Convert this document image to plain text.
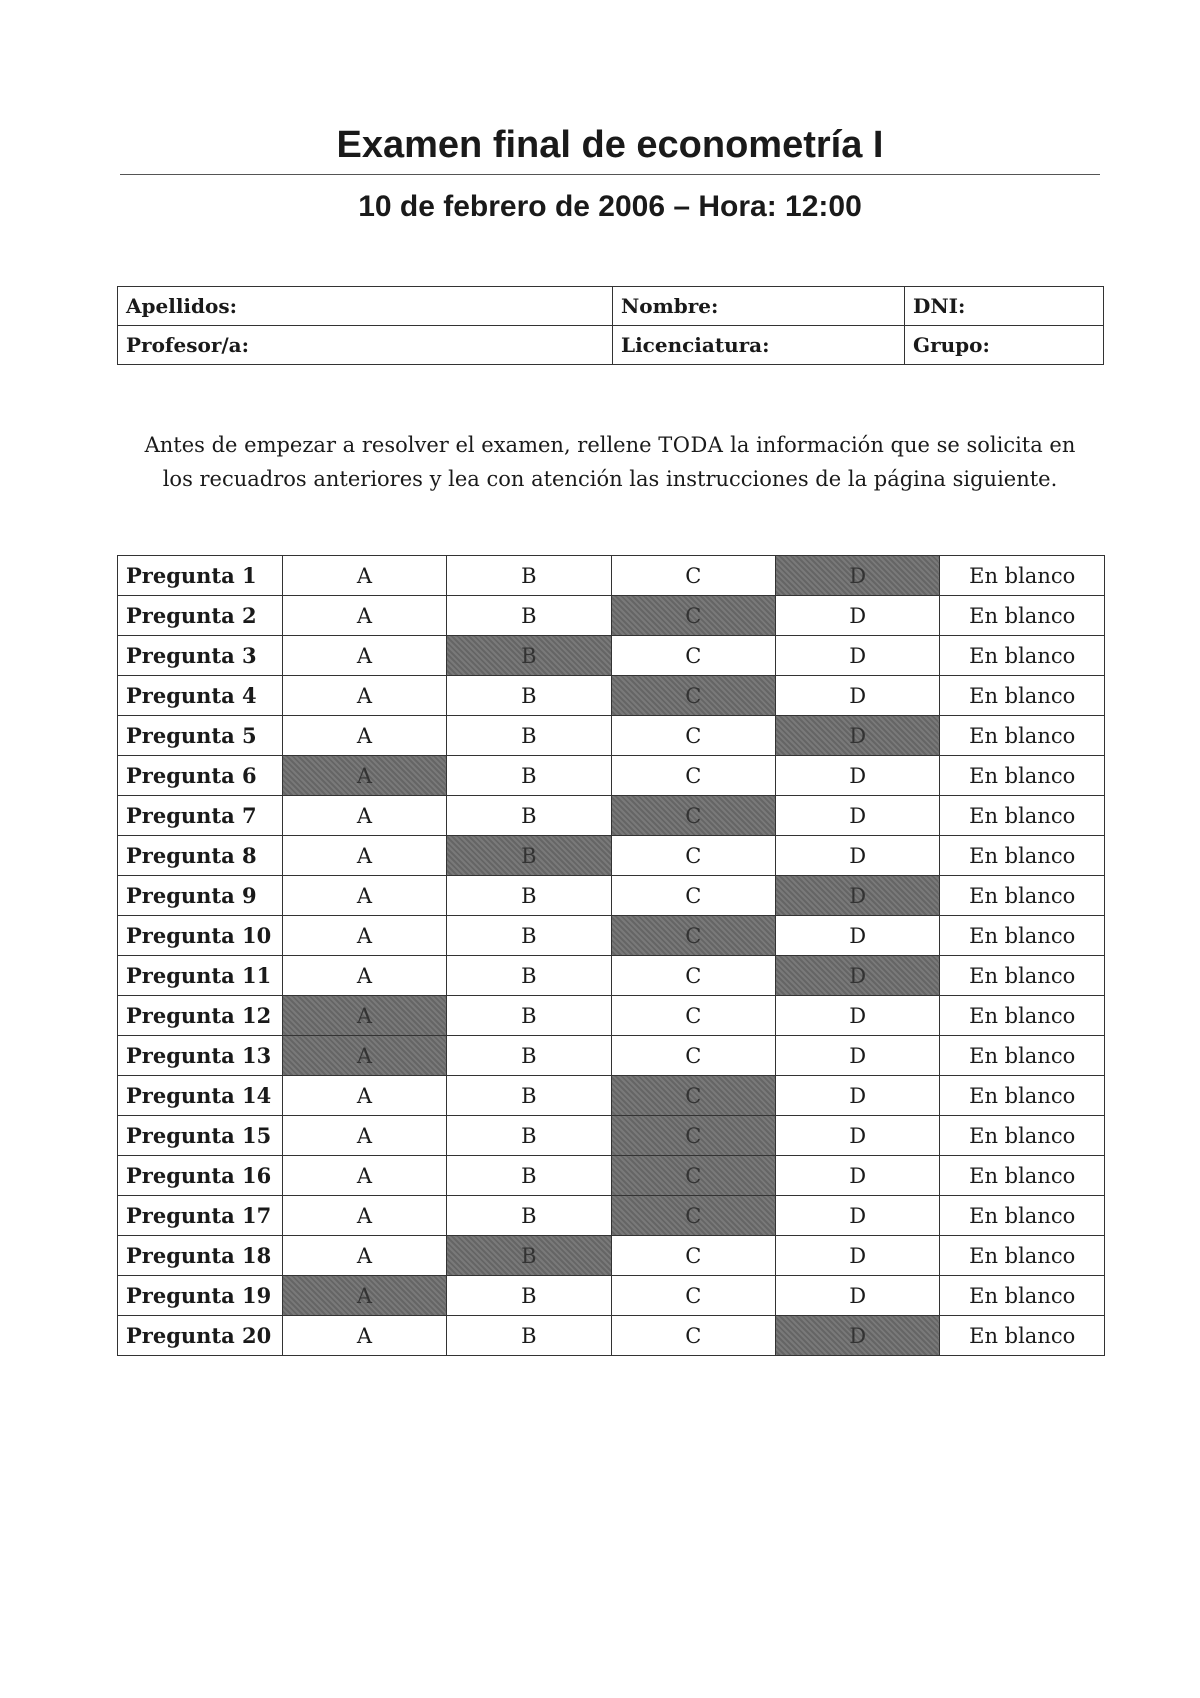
Examen final de econometría I
10 de febrero de 2006 – Hora: 12:00
Apellidos:	Nombre:	DNI:
Profesor/a:	Licenciatura:	Grupo:

Antes de empezar a resolver el examen, rellene TODA la información que se solicita en los recuadros anteriores y lea con atención las instrucciones de la página siguiente.

Pregunta 1	A	B	C	D	En blanco
Pregunta 2	A	B	C	D	En blanco
Pregunta 3	A	B	C	D	En blanco
Pregunta 4	A	B	C	D	En blanco
Pregunta 5	A	B	C	D	En blanco
Pregunta 6	A	B	C	D	En blanco
Pregunta 7	A	B	C	D	En blanco
Pregunta 8	A	B	C	D	En blanco
Pregunta 9	A	B	C	D	En blanco
Pregunta 10	A	B	C	D	En blanco
Pregunta 11	A	B	C	D	En blanco
Pregunta 12	A	B	C	D	En blanco
Pregunta 13	A	B	C	D	En blanco
Pregunta 14	A	B	C	D	En blanco
Pregunta 15	A	B	C	D	En blanco
Pregunta 16	A	B	C	D	En blanco
Pregunta 17	A	B	C	D	En blanco
Pregunta 18	A	B	C	D	En blanco
Pregunta 19	A	B	C	D	En blanco
Pregunta 20	A	B	C	D	En blanco
